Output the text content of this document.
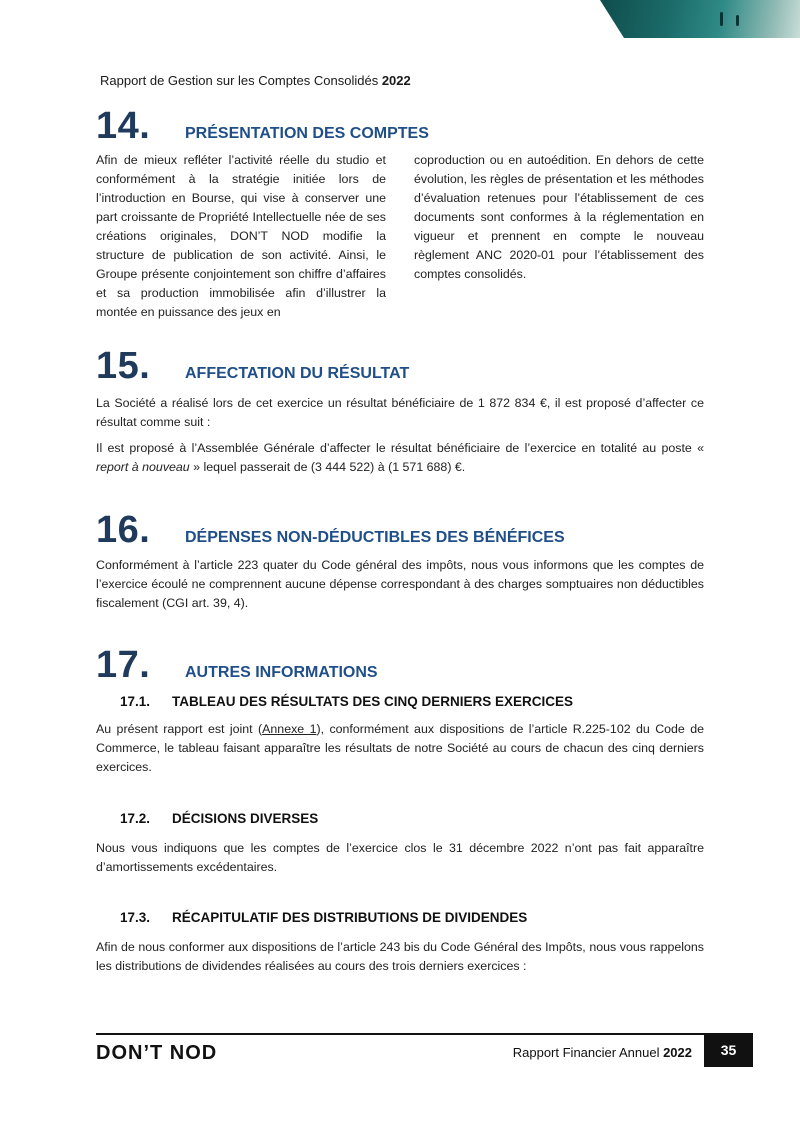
Rapport de Gestion sur les Comptes Consolidés 2022
14.	PRÉSENTATION DES COMPTES
Afin de mieux refléter l’activité réelle du studio et conformément à la stratégie initiée lors de l’introduction en Bourse, qui vise à conserver une part croissante de Propriété Intellectuelle née de ses créations originales, DON’T NOD modifie la structure de publication de son activité. Ainsi, le Groupe présente conjointement son chiffre d’affaires et sa production immobilisée afin d’illustrer la montée en puissance des jeux en
coproduction ou en autoédition. En dehors de cette évolution, les règles de présentation et les méthodes d’évaluation retenues pour l’établissement de ces documents sont conformes à la réglementation en vigueur et prennent en compte le nouveau règlement ANC 2020-01 pour l’établissement des comptes consolidés.
15.	AFFECTATION DU RÉSULTAT
La Société a réalisé lors de cet exercice un résultat bénéficiaire de 1 872 834 €, il est proposé d’affecter ce résultat comme suit :
Il est proposé à l’Assemblée Générale d’affecter le résultat bénéficiaire de l’exercice en totalité au poste « report à nouveau » lequel passerait de (3 444 522) à (1 571 688) €.
16.	DÉPENSES NON-DÉDUCTIBLES DES BÉNÉFICES
Conformément à l’article 223 quater du Code général des impôts, nous vous informons que les comptes de l’exercice écoulé ne comprennent aucune dépense correspondant à des charges somptuaires non déductibles fiscalement (CGI art. 39, 4).
17.	AUTRES INFORMATIONS
17.1.	TABLEAU DES RÉSULTATS DES CINQ DERNIERS EXERCICES
Au présent rapport est joint (Annexe 1), conformément aux dispositions de l’article R.225-102 du Code de Commerce, le tableau faisant apparaître les résultats de notre Société au cours de chacun des cinq derniers exercices.
17.2.	DÉCISIONS DIVERSES
Nous vous indiquons que les comptes de l’exercice clos le 31 décembre 2022 n’ont pas fait apparaître d’amortissements excédentaires.
17.3.	RÉCAPITULATIF DES DISTRIBUTIONS DE DIVIDENDES
Afin de nous conformer aux dispositions de l’article 243 bis du Code Général des Impôts, nous vous rappelons les distributions de dividendes réalisées au cours des trois derniers exercices :
DON’T NOD	Rapport Financier Annuel 2022	35
